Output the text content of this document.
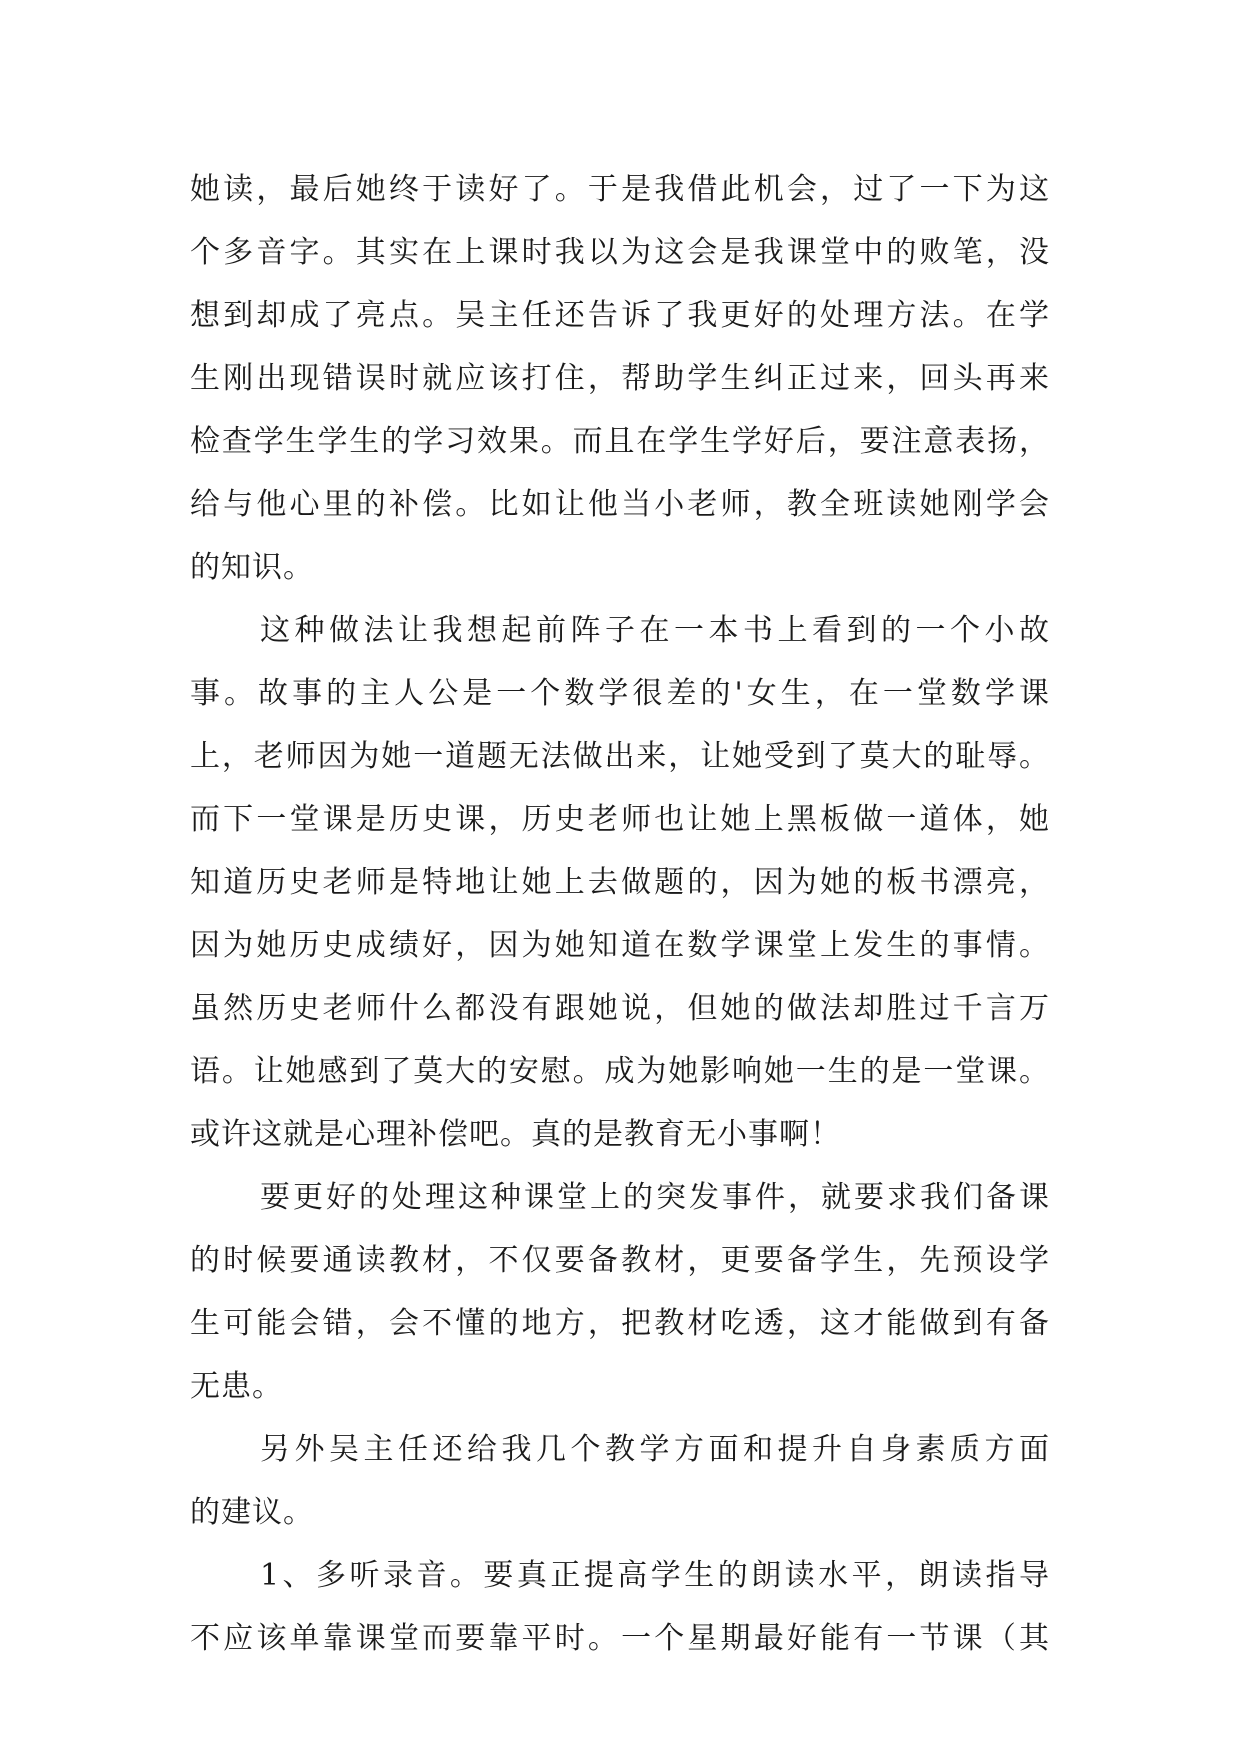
她读，最后她终于读好了。于是我借此机会，过了一下为这
个多音字。其实在上课时我以为这会是我课堂中的败笔，没
想到却成了亮点。吴主任还告诉了我更好的处理方法。在学
生刚出现错误时就应该打住，帮助学生纠正过来，回头再来
检查学生学生的学习效果。而且在学生学好后，要注意表扬，
给与他心里的补偿。比如让他当小老师，教全班读她刚学会
的知识。
这种做法让我想起前阵子在一本书上看到的一个小故
事。故事的主人公是一个数学很差的'女生，在一堂数学课
上，老师因为她一道题无法做出来，让她受到了莫大的耻辱。
而下一堂课是历史课，历史老师也让她上黑板做一道体，她
知道历史老师是特地让她上去做题的，因为她的板书漂亮，
因为她历史成绩好，因为她知道在数学课堂上发生的事情。
虽然历史老师什么都没有跟她说，但她的做法却胜过千言万
语。让她感到了莫大的安慰。成为她影响她一生的是一堂课。
或许这就是心理补偿吧。真的是教育无小事啊！
要更好的处理这种课堂上的突发事件，就要求我们备课
的时候要通读教材，不仅要备教材，更要备学生，先预设学
生可能会错，会不懂的地方，把教材吃透，这才能做到有备
无患。
另外吴主任还给我几个教学方面和提升自身素质方面
的建议。
1、多听录音。要真正提高学生的朗读水平，朗读指导
不应该单靠课堂而要靠平时。一个星期最好能有一节课（其
